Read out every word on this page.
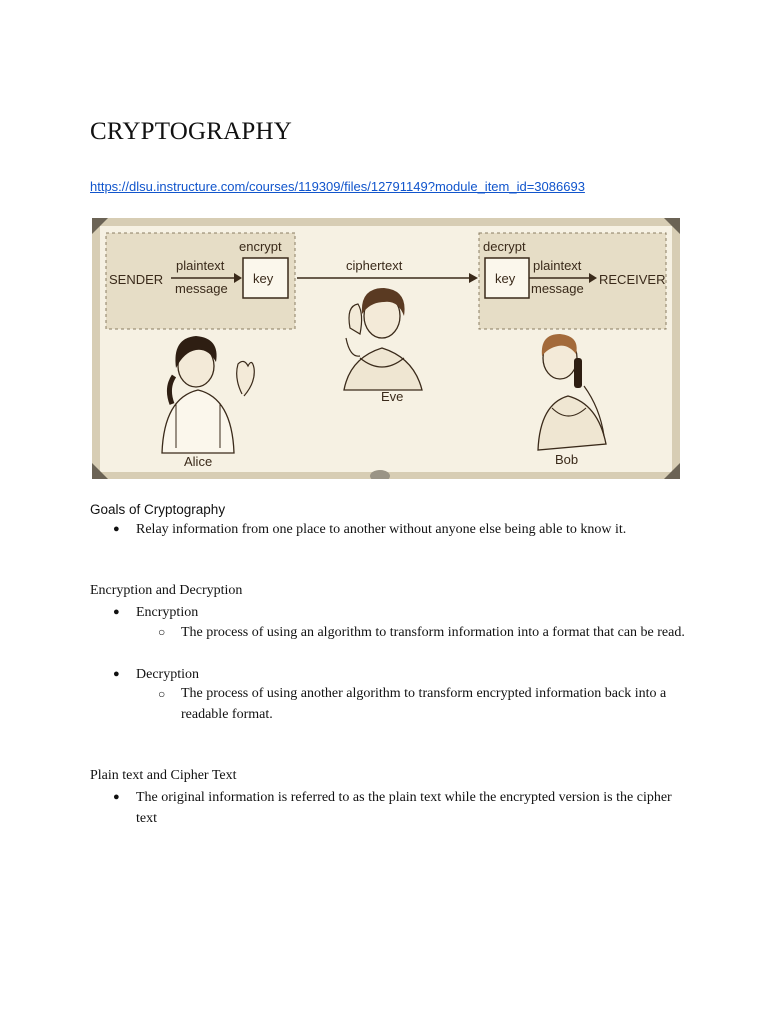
CRYPTOGRAPHY
https://dlsu.instructure.com/courses/119309/files/12791149?module_item_id=3086693
encrypt
SENDER
plaintext
message
key
ciphertext
decrypt
key
plaintext
message
RECEIVER
Eve
Alice	Bob

Goals of Cryptography

● Relay information from one place to another without anyone else being able to know it.

Encryption and Decryption

● Encryption

○ The process of using an algorithm to transform information into a format that can be read.

● Decryption

○ The process of using another algorithm to transform encrypted information back into a readable format.

Plain text and Cipher Text

● The original information is referred to as the plain text while the encrypted version is the cipher text
